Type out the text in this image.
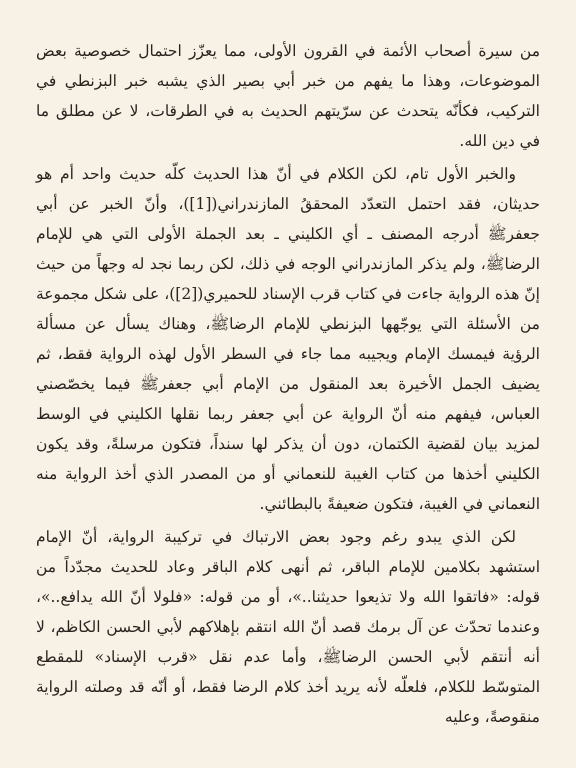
من سيرة أصحاب الأئمة في القرون الأولى، مما يعزّز احتمال خصوصية بعض الموضوعات، وهذا ما يفهم من خبر أبي بصير الذي يشبه خبر البزنطي في التركيب، فكأنّه يتحدث عن سرّيتهم الحديث به في الطرقات، لا عن مطلق ما في دين الله.

والخبر الأول تام، لكن الكلام في أنّ هذا الحديث كلّه حديث واحد أم هو حديثان، فقد احتمل التعدّد المحققُ المازندراني([1])، وأنّ الخبر عن أبي جعفرﷺ أدرجه المصنف ـ أي الكليني ـ بعد الجملة الأولى التي هي للإمام الرضاﷺ، ولم يذكر المازندراني الوجه في ذلك، لكن ربما نجد له وجهاً من حيث إنّ هذه الرواية جاءت في كتاب قرب الإسناد للحميري([2])، على شكل مجموعة من الأسئلة التي يوجّهها البزنطي للإمام الرضاﷺ، وهناك يسأل عن مسألة الرؤية فيمسك الإمام ويجيبه مما جاء في السطر الأول لهذه الرواية فقط، ثم يضيف الجمل الأخيرة بعد المنقول من الإمام أبي جعفرﷺ فيما يخصّصني العباس، فيفهم منه أنّ الرواية عن أبي جعفر ربما نقلها الكليني في الوسط لمزيد بيان لقضية الكتمان، دون أن يذكر لها سنداً، فتكون مرسلةً، وقد يكون الكليني أخذها من كتاب الغيبة للنعماني أو من المصدر الذي أخذ الرواية منه النعماني في الغيبة، فتكون ضعيفةً بالبطائني.

لكن الذي يبدو رغم وجود بعض الارتباك في تركيبة الرواية، أنّ الإمام استشهد بكلامين للإمام الباقر، ثم أنهى كلام الباقر وعاد للحديث مجدّداً من قوله: «فاتقوا الله ولا تذيعوا حديثنا..»، أو من قوله: «فلولا أنّ الله يدافع..»، وعندما تحدّث عن آل برمك قصد أنّ الله انتقم بإهلاكهم لأبي الحسن الكاظم، لا أنه أنتقم لأبي الحسن الرضاﷺ، وأما عدم نقل «قرب الإسناد» للمقطع المتوسّط للكلام، فلعلّه لأنه يريد أخذ كلام الرضا فقط، أو أنّه قد وصلته الرواية منقوصةً، وعليه
